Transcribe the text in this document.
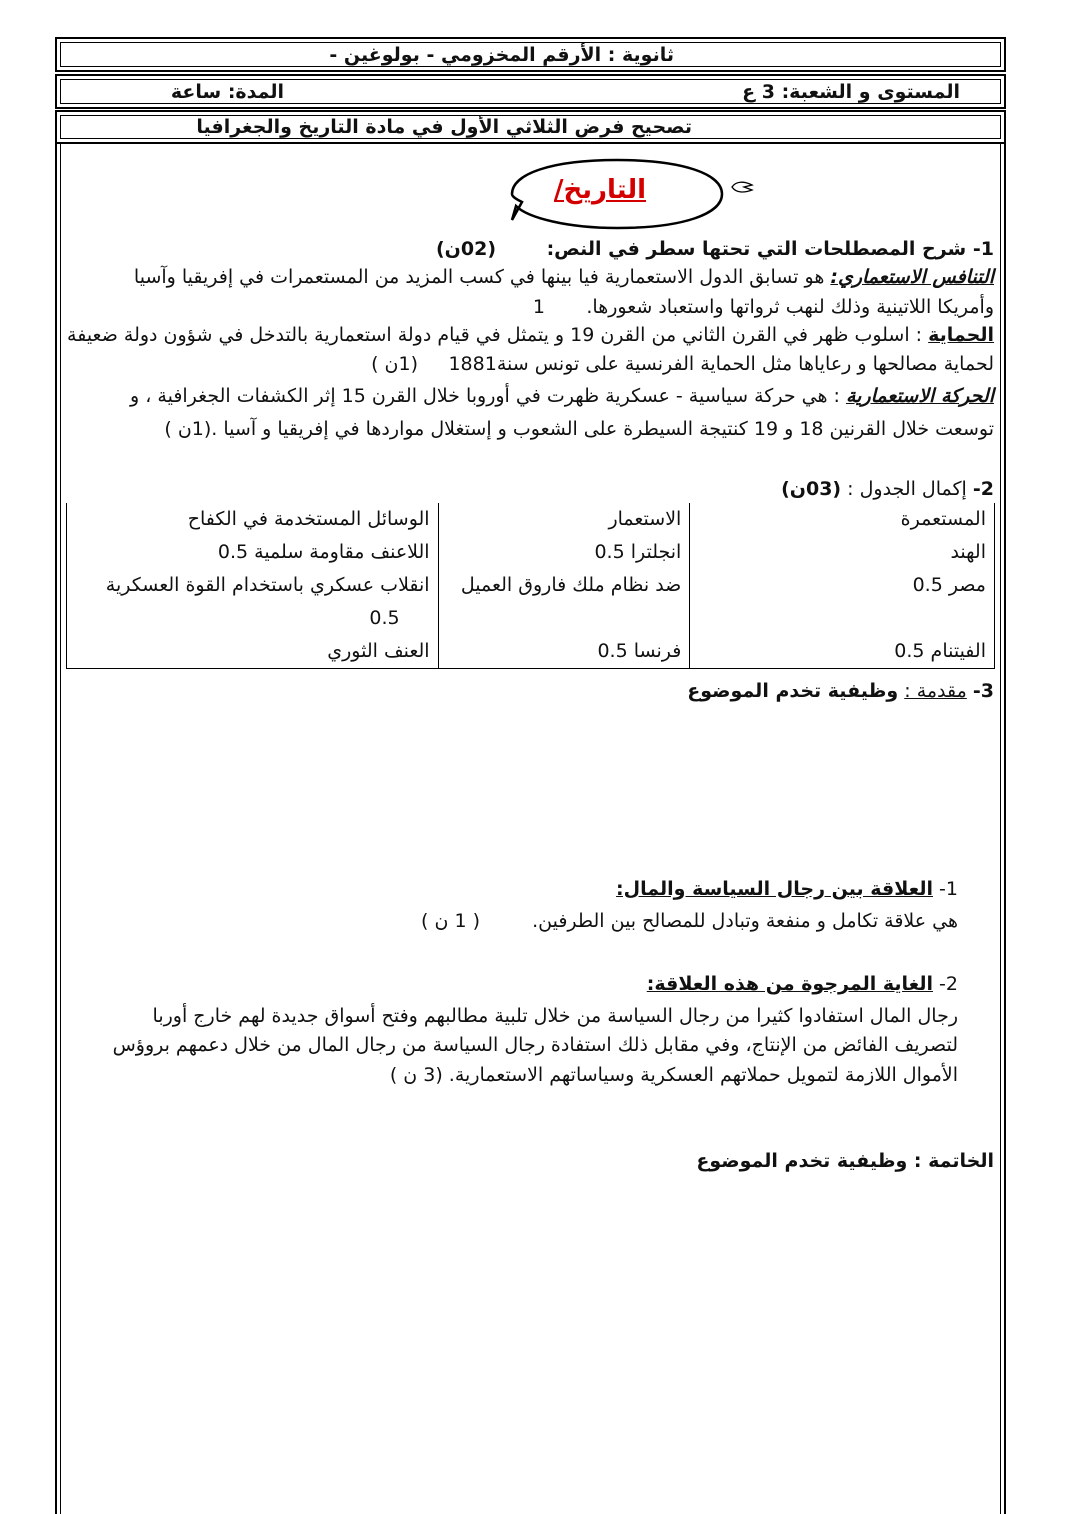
ثانوية : الأرقم المخزومي - بولوغين -
المستوى و الشعبة: 3 ع
المدة: ساعة
تصحيح فرض الثلاثي الأول في مادة التاريخ والجغرافيا
التاريخ/
1- شرح المصطلحات التي تحتها سطر في النص:
(02ن)
التنافس الاستعماري: هو تسابق الدول الاستعمارية فيا بينها في كسب المزيد من المستعمرات في إفريقيا وآسيا
وأمريكا اللاتينية وذلك لنهب ثرواتها واستعباد شعورها.
1
الحماية : اسلوب ظهر في القرن الثاني من القرن 19 و يتمثل في قيام دولة استعمارية بالتدخل في شؤون دولة ضعيفة
لحماية مصالحها و رعاياها مثل الحماية الفرنسية على تونس سنة1881
(1ن )
الحركة الاستعمارية : هي حركة سياسية - عسكرية ظهرت في أوروبا خلال القرن 15 إثر الكشفات الجغرافية ، و
توسعت خلال القرنين 18 و 19 كنتيجة السيطرة على الشعوب و إستغلال مواردها في إفريقيا و آسيا .(1ن )
2- إكمال الجدول : (03ن)
المستعمرة	الاستعمار	الوسائل المستخدمة في الكفاح
الهند	انجلترا 0.5	اللاعنف مقاومة سلمية 0.5
مصر 0.5	ضد نظام ملك فاروق العميل	انقلاب عسكري باستخدام القوة العسكرية
		0.5
الفيتنام 0.5	فرنسا 0.5	العنف الثوري
3- مقدمة : وظيفية تخدم الموضوع
1- العلاقة بين رجال السياسة والمال:
هي علاقة تكامل و منفعة وتبادل للمصالح بين الطرفين.
( 1 ن )
2- الغاية المرجوة من هذه العلاقة:
رجال المال استفادوا كثيرا من رجال السياسة من خلال تلبية مطالبهم وفتح أسواق جديدة لهم خارج أوربا
لتصريف الفائض من الإنتاج، وفي مقابل ذلك استفادة رجال السياسة من رجال المال من خلال دعمهم بروؤس
الأموال اللازمة لتمويل حملاتهم العسكرية وسياساتهم الاستعمارية. (3 ن )
الخاتمة : وظيفية تخدم الموضوع
